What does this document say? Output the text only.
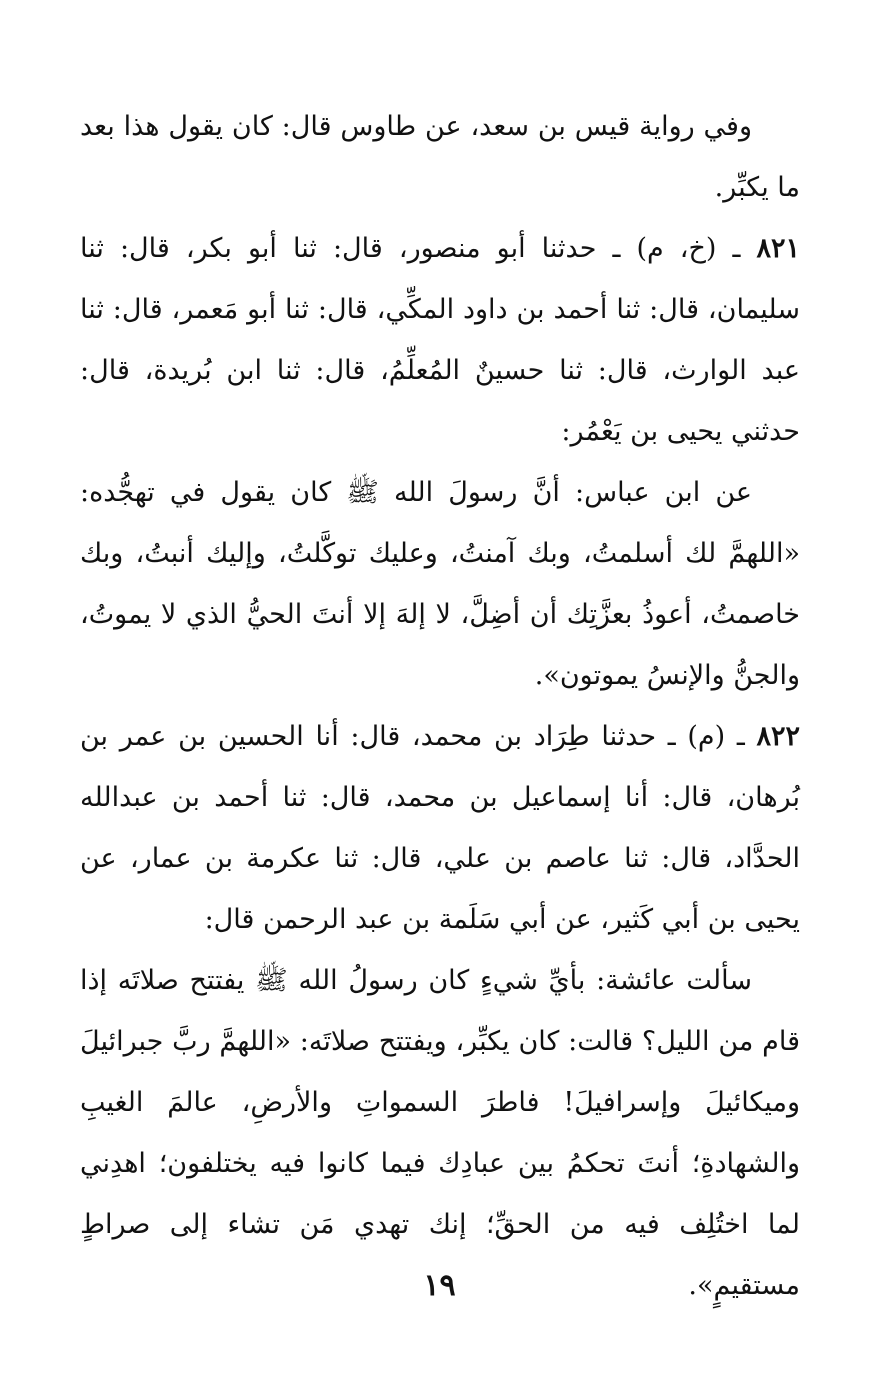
وفي رواية قيس بن سعد، عن طاوس قال: كان يقول هذا بعد ما يكبِّر.

٨٢١ ـ (خ، م) ـ حدثنا أبو منصور، قال: ثنا أبو بكر، قال: ثنا سليمان، قال: ثنا أحمد بن داود المكِّي، قال: ثنا أبو مَعمر، قال: ثنا عبد الوارث، قال: ثنا حسينٌ المُعلِّمُ، قال: ثنا ابن بُريدة، قال: حدثني يحيى بن يَعْمُر:

عن ابن عباس: أنَّ رسولَ الله ﷺ كان يقول في تهجُّده: «اللهمَّ لك أسلمتُ، وبك آمنتُ، وعليك توكَّلتُ، وإليك أنبتُ، وبك خاصمتُ، أعوذُ بعزَّتِك أن أضِلَّ، لا إلهَ إلا أنتَ الحيُّ الذي لا يموتُ، والجنُّ والإنسُ يموتون».

٨٢٢ ـ (م) ـ حدثنا طِرَاد بن محمد، قال: أنا الحسين بن عمر بن بُرهان، قال: أنا إسماعيل بن محمد، قال: ثنا أحمد بن عبدالله الحدَّاد، قال: ثنا عاصم بن علي، قال: ثنا عكرمة بن عمار، عن يحيى بن أبي كَثير، عن أبي سَلَمة بن عبد الرحمن قال:

سألت عائشة: بأيِّ شيءٍ كان رسولُ الله ﷺ يفتتح صلاتَه إذا قام من الليل؟ قالت: كان يكبِّر، ويفتتح صلاتَه: «اللهمَّ ربَّ جبرائيلَ وميكائيلَ وإسرافيلَ! فاطرَ السمواتِ والأرضِ، عالمَ الغيبِ والشهادةِ؛ أنتَ تحكمُ بين عبادِك فيما كانوا فيه يختلفون؛ اهدِني لما اختُلِف فيه من الحقِّ؛ إنك تهدي مَن تشاء إلى صراطٍ مستقيمٍ».

١٩
